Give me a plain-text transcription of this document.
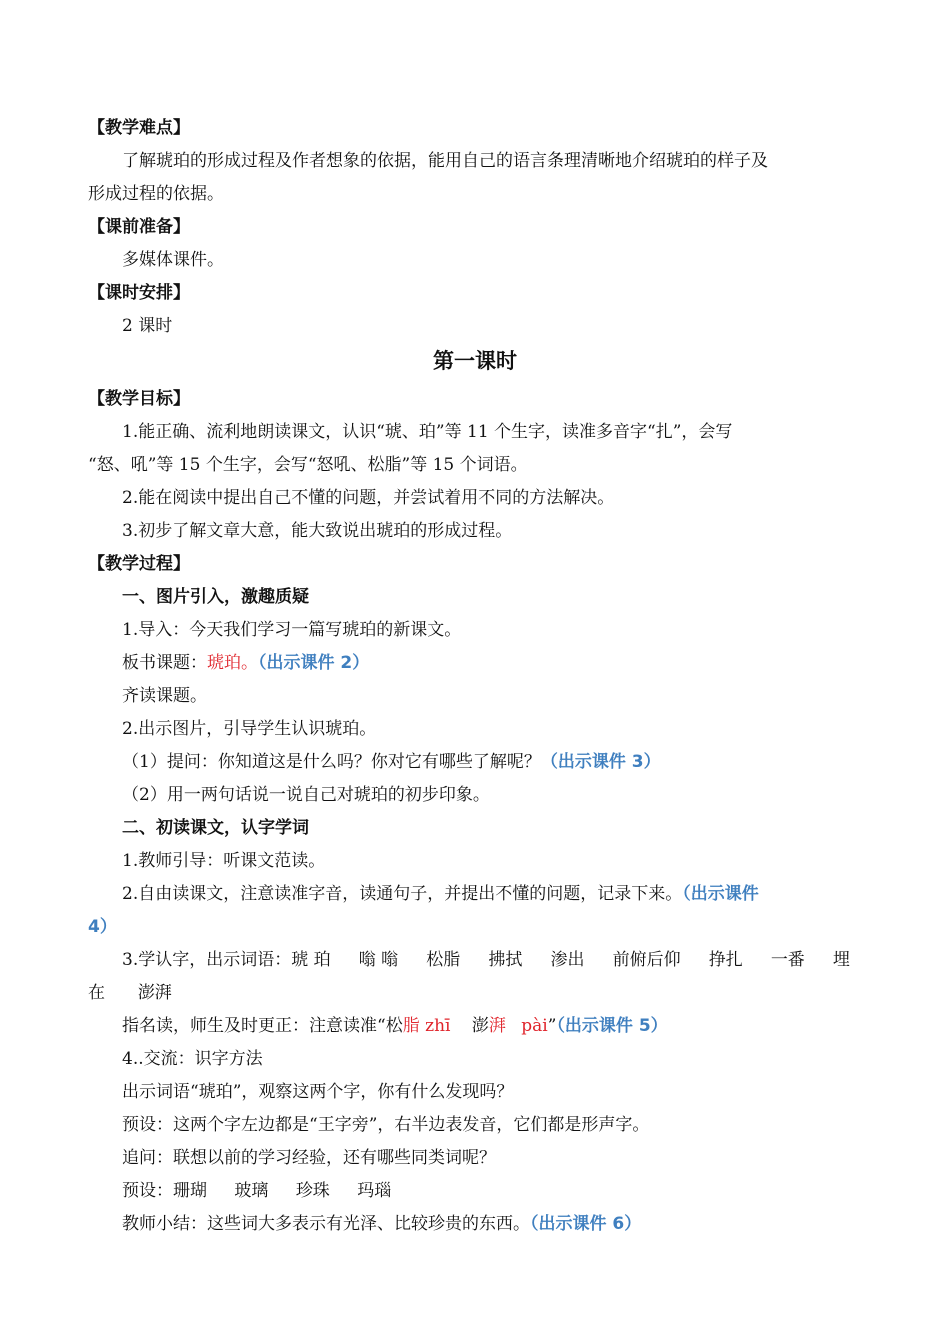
【教学难点】
了解琥珀的形成过程及作者想象的依据，能用自己的语言条理清晰地介绍琥珀的样子及
形成过程的依据。
【课前准备】
多媒体课件。
【课时安排】
2 课时
第一课时
【教学目标】
1.能正确、流利地朗读课文，认识“琥、珀”等 11 个生字，读准多音字“扎”，会写
“怒、吼”等 15 个生字，会写“怒吼、松脂”等 15 个词语。
2.能在阅读中提出自己不懂的问题，并尝试着用不同的方法解决。
3.初步了解文章大意，能大致说出琥珀的形成过程。
【教学过程】
一、图片引入，激趣质疑
1.导入：今天我们学习一篇写琥珀的新课文。
板书课题：琥珀。（出示课件 2）
齐读课题。
2.出示图片，引导学生认识琥珀。
（1）提问：你知道这是什么吗？你对它有哪些了解呢？（出示课件 3）
（2）用一两句话说一说自己对琥珀的初步印象。
二、初读课文，认字学词
1.教师引导：听课文范读。
2.自由读课文，注意读准字音，读通句子，并提出不懂的问题，记录下来。（出示课件
4）
3.学认字，出示词语： 琥 珀 嗡 嗡 松脂 拂拭 渗出 前俯后仰 挣扎 一番 埋
在 澎湃
指名读，师生及时更正：注意读准“松脂 zhī 澎湃 pài”（出示课件 5）
4..交流：识字方法
出示词语“琥珀”，观察这两个字，你有什么发现吗？
预设：这两个字左边都是“王字旁”，右半边表发音，它们都是形声字。
追问：联想以前的学习经验，还有哪些同类词呢？
预设：珊瑚 玻璃 珍珠 玛瑙
教师小结：这些词大多表示有光泽、比较珍贵的东西。（出示课件 6）
